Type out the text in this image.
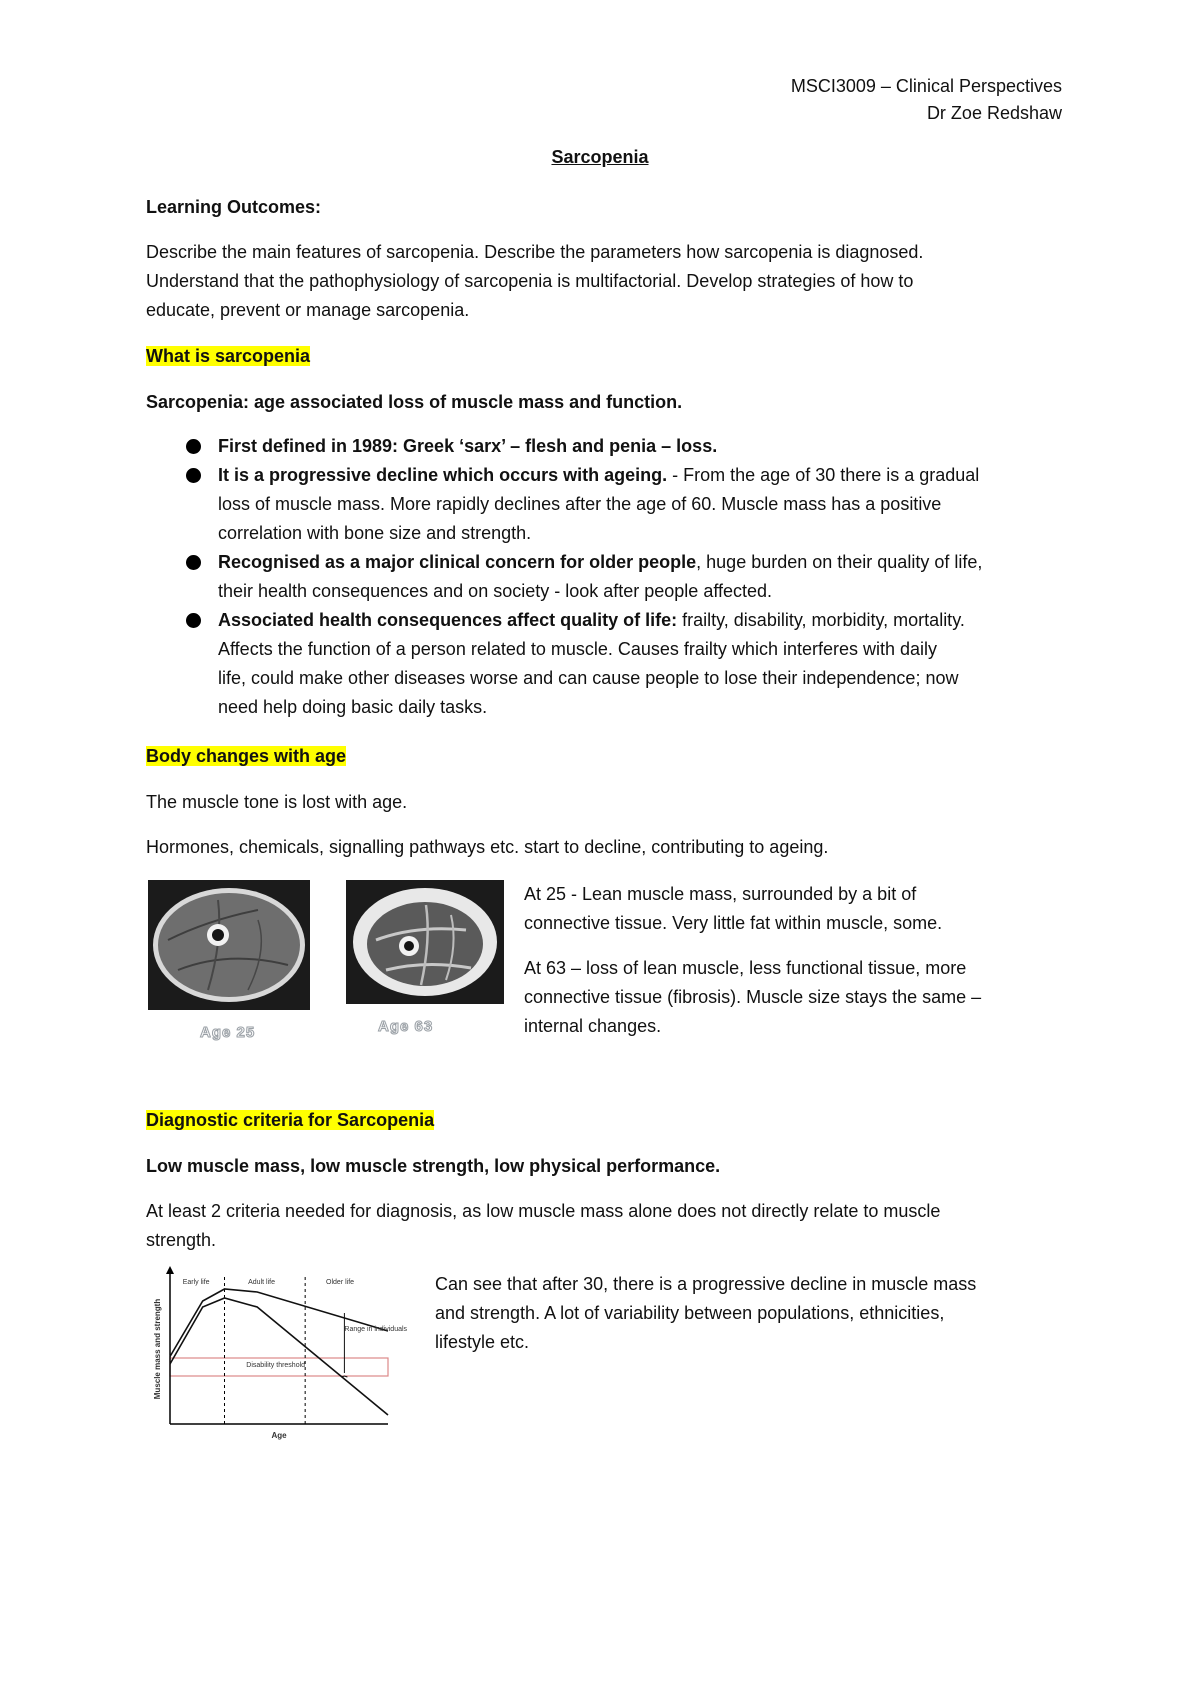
MSCI3009 – Clinical Perspectives
Dr Zoe Redshaw
Sarcopenia
Learning Outcomes:
Describe the main features of sarcopenia. Describe the parameters how sarcopenia is diagnosed.
Understand that the pathophysiology of sarcopenia is multifactorial. Develop strategies of how to
educate, prevent or manage sarcopenia.
What is sarcopenia
Sarcopenia: age associated loss of muscle mass and function.
First defined in 1989: Greek ‘sarx’ – flesh and penia – loss.
It is a progressive decline which occurs with ageing. - From the age of 30 there is a gradual
loss of muscle mass. More rapidly declines after the age of 60. Muscle mass has a positive
correlation with bone size and strength.
Recognised as a major clinical concern for older people, huge burden on their quality of life,
their health consequences and on society - look after people affected.
Associated health consequences affect quality of life: frailty, disability, morbidity, mortality.
Affects the function of a person related to muscle. Causes frailty which interferes with daily
life, could make other diseases worse and can cause people to lose their independence; now
need help doing basic daily tasks.
Body changes with age
The muscle tone is lost with age.
Hormones, chemicals, signalling pathways etc. start to decline, contributing to ageing.
Age 25	Age 63
At 25 - Lean muscle mass, surrounded by a bit of
connective tissue. Very little fat within muscle, some.
At 63 – loss of lean muscle, less functional tissue, more
connective tissue (fibrosis). Muscle size stays the same –
internal changes.
Diagnostic criteria for Sarcopenia
Low muscle mass, low muscle strength, low physical performance.
At least 2 criteria needed for diagnosis, as low muscle mass alone does not directly relate to muscle
strength.
Early life	Adult life	Older life
Range in individuals
Disability threshold
Age
Muscle mass and strength
Can see that after 30, there is a progressive decline in muscle mass
and strength. A lot of variability between populations, ethnicities,
lifestyle etc.
